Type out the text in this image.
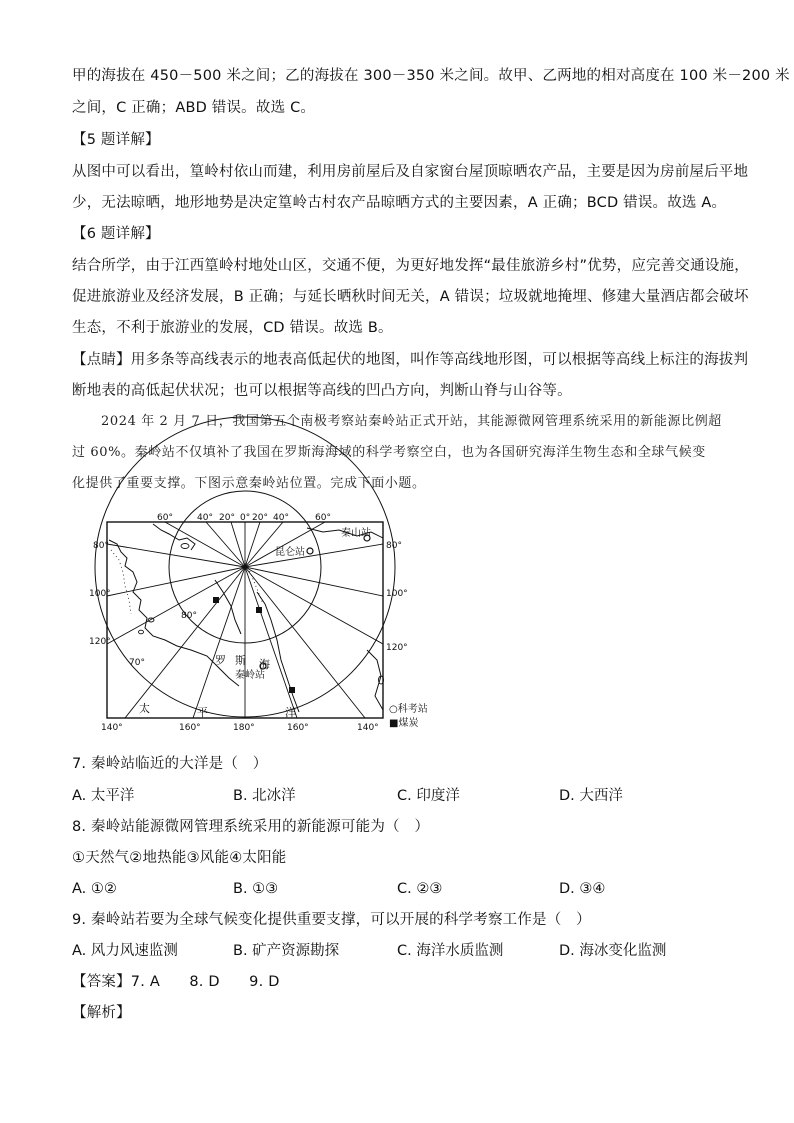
甲的海拔在 450－500 米之间；乙的海拔在 300－350 米之间。故甲、乙两地的相对高度在 100 米－200 米
之间，C 正确；ABD 错误。故选 C。
【5 题详解】
从图中可以看出，篁岭村依山而建，利用房前屋后及自家窗台屋顶晾晒农产品，主要是因为房前屋后平地
少，无法晾晒，地形地势是决定篁岭古村农产品晾晒方式的主要因素，A 正确；BCD 错误。故选 A。
【6 题详解】
结合所学，由于江西篁岭村地处山区，交通不便，为更好地发挥“最佳旅游乡村”优势，应完善交通设施，
促进旅游业及经济发展，B 正确；与延长晒秋时间无关，A 错误；垃圾就地掩埋、修建大量酒店都会破坏
生态，不利于旅游业的发展，CD 错误。故选 B。
【点睛】用多条等高线表示的地表高低起伏的地图，叫作等高线地形图，可以根据等高线上标注的海拔判
断地表的高低起伏状况；也可以根据等高线的凹凸方向，判断山脊与山谷等。
2024 年 2 月 7 日，我国第五个南极考察站秦岭站正式开站，其能源微网管理系统采用的新能源比例超
过 60%。秦岭站不仅填补了我国在罗斯海海域的科学考察空白，也为各国研究海洋生物生态和全球气候变
化提供了重要支撑。下图示意秦岭站位置。完成下面小题。
60°	40° 20° 0° 20° 40°	60°
80°
100°
120°
80°
100°
120°
140°	160°	180°	160°	140°
80°
70°
秦山站
昆仑站
秦岭站
罗 斯 海
太	平	洋	○科考站
■煤炭
7. 秦岭站临近的大洋是（　）
A. 太平洋	B. 北冰洋	C. 印度洋	D. 大西洋
8. 秦岭站能源微网管理系统采用的新能源可能为（　）
①天然气②地热能③风能④太阳能
A. ①②	B. ①③	C. ②③	D. ③④
9. 秦岭站若要为全球气候变化提供重要支撑，可以开展的科学考察工作是（　）
A. 风力风速监测	B. 矿产资源勘探	C. 海洋水质监测	D. 海冰变化监测
【答案】7. A　　8. D　　9. D
【解析】
